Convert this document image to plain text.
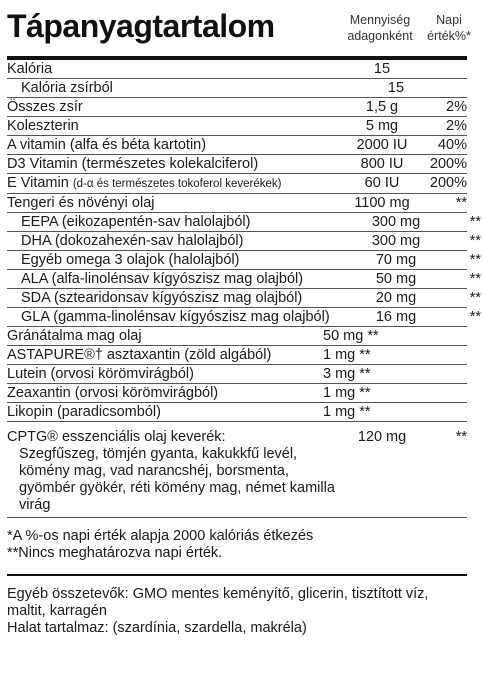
Tápanyagtartalom	Mennyiség adagonként
Napi érték%*
Kalória	15
Kalória zsírból	15
Összes zsír	1,5 g	2%
Koleszterin	5 mg	2%
A vitamin (alfa és béta kartotin)	2000 IU	40%
D3 Vitamin (természetes kolekalciferol)	800 IU	200%
E Vitamin (d-α és természetes tokoferol keverékek)	60 IU	200%
Tengeri és növényi olaj	1100 mg	**
EEPA (eikozapentén-sav halolajból)	300 mg	**
DHA (dokozahexén-sav halolajból)	300 mg	**
Egyéb omega 3 olajok (halolajból)	70 mg	**
ALA (alfa-linolénsav kígyószisz mag olajból)	50 mg	**
SDA (sztearidonsav kígyószisz mag olajból)	20 mg	**
GLA (gamma-linolénsav kígyószisz mag olajból)	16 mg	**
Gránátalma mag olaj	50 mg **
ASTAPURE®† asztaxantin (zöld algából)	1 mg **
Lutein (orvosi körömvirágból)	3 mg **
Zeaxantin (orvosi körömvirágból)	1 mg **
Likopin (paradicsomból)	1 mg **
CPTG® esszenciális olaj keverék:
Szegfűszeg, tömjén gyanta, kakukkfű levél, kömény mag, vad narancshéj, borsmenta, gyömbér gyökér, réti kömény mag, német kamilla virág
120 mg	**
*A %-os napi érték alapja 2000 kalóriás étkezés
**Nincs meghatározva napi érték.
Egyéb összetevők: GMO mentes keményítő, glicerin, tisztított víz, maltit, karragén
Halat tartalmaz: (szardínia, szardella, makréla)
